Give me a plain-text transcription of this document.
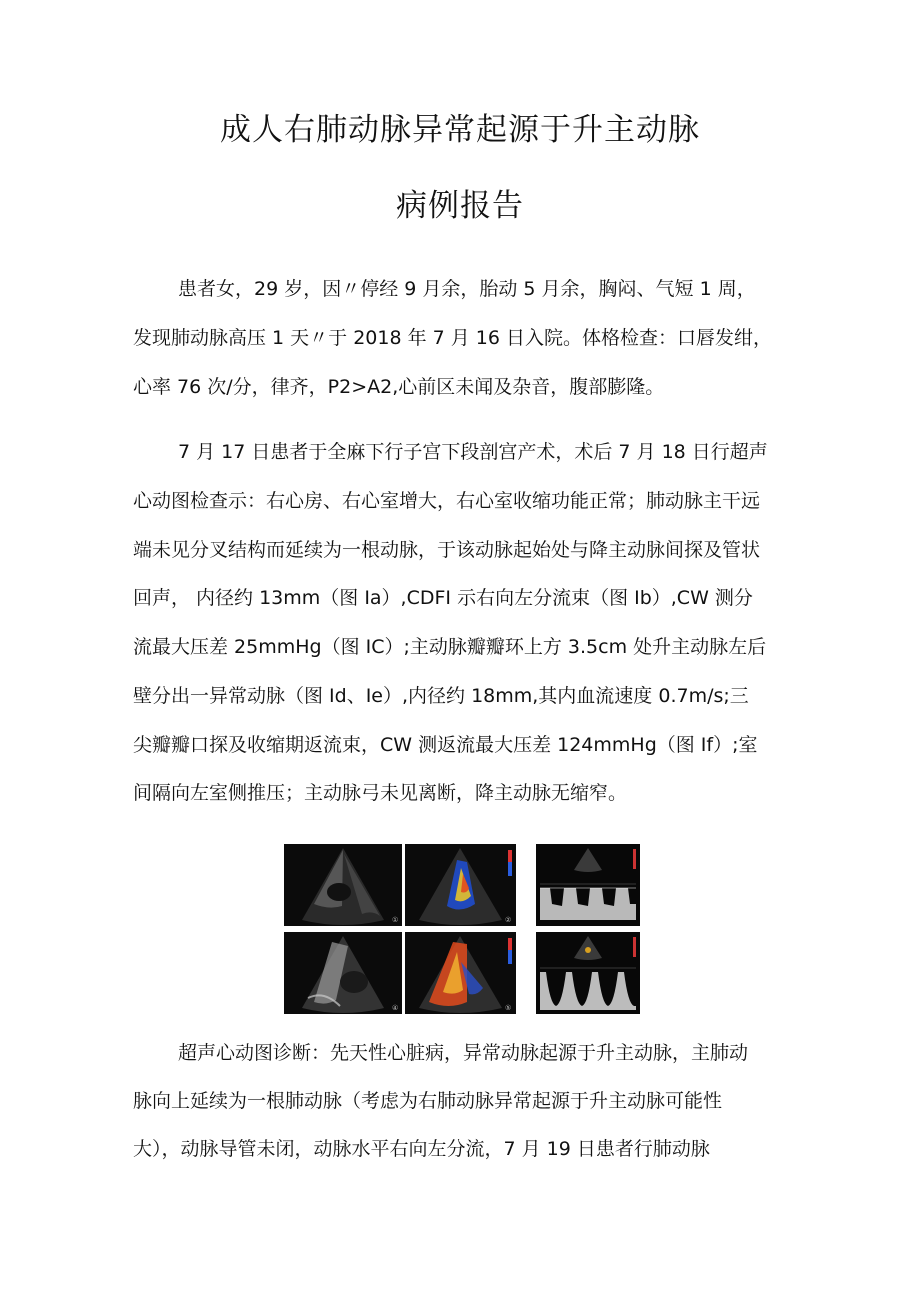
成人右肺动脉异常起源于升主动脉
病例报告

患者女，29 岁，因〃停经 9 月余，胎动 5 月余，胸闷、气短 1 周，

发现肺动脉高压 1 天〃于 2018 年 7 月 16 日入院。体格检查：口唇发绀，

心率 76 次/分，律齐，P2>A2,心前区未闻及杂音，腹部膨隆。

7 月 17 日患者于全麻下行子宫下段剖宫产术，术后 7 月 18 日行超声

心动图检查示：右心房、右心室增大，右心室收缩功能正常；肺动脉主干远

端未见分叉结构而延续为一根动脉，于该动脉起始处与降主动脉间探及管状

回声， 内径约 13mm（图 Ia）,CDFI 示右向左分流束（图 Ib）,CW 测分

流最大压差 25mmHg（图 IC）;主动脉瓣瓣环上方 3.5cm 处升主动脉左后

壁分出一异常动脉（图 Id、Ie）,内径约 18mm,其内血流速度 0.7m/s;三

尖瓣瓣口探及收缩期返流束，CW 测返流最大压差 124mmHg（图 If）;室

间隔向左室侧推压；主动脉弓未见离断，降主动脉无缩窄。

①	②
④	⑤

超声心动图诊断：先天性心脏病，异常动脉起源于升主动脉，主肺动

脉向上延续为一根肺动脉（考虑为右肺动脉异常起源于升主动脉可能性

大），动脉导管未闭，动脉水平右向左分流，7 月 19 日患者行肺动脉
